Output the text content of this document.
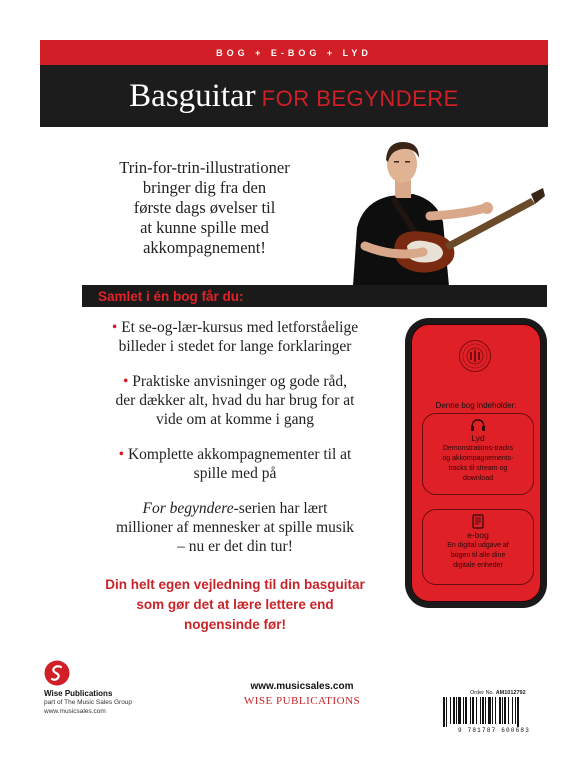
BOG + E-BOG + LYD
Basguitar FOR BEGYNDERE
Trin-for-trin-illustrationer
bringer dig fra den
første dags øvelser til
at kunne spille med
akkompagnement!
Samlet i én bog får du:
• Et se-og-lær-kursus med letforståelige
billeder i stedet for lange forklaringer
• Praktiske anvisninger og gode råd,
der dækker alt, hvad du har brug for at
vide om at komme i gang
• Komplette akkompagnementer til at
spille med på
For begyndere-serien har lært
millioner af mennesker at spille musik
– nu er det din tur!
Din helt egen vejledning til din basguitar
som gør det at lære lettere end
nogensinde før!
Denne bog indeholder:
Lyd
Demonstrations-tracks
og akkompagnements-
tracks til stream og
download
e-bog
En digital udgave af
bogen til alle dine
digitale enheder
Wise Publications
part of The Music Sales Group
www.musicsales.com
www.musicsales.com
WISE PUBLICATIONS
Order No. AM1012792
9 781787 600683
